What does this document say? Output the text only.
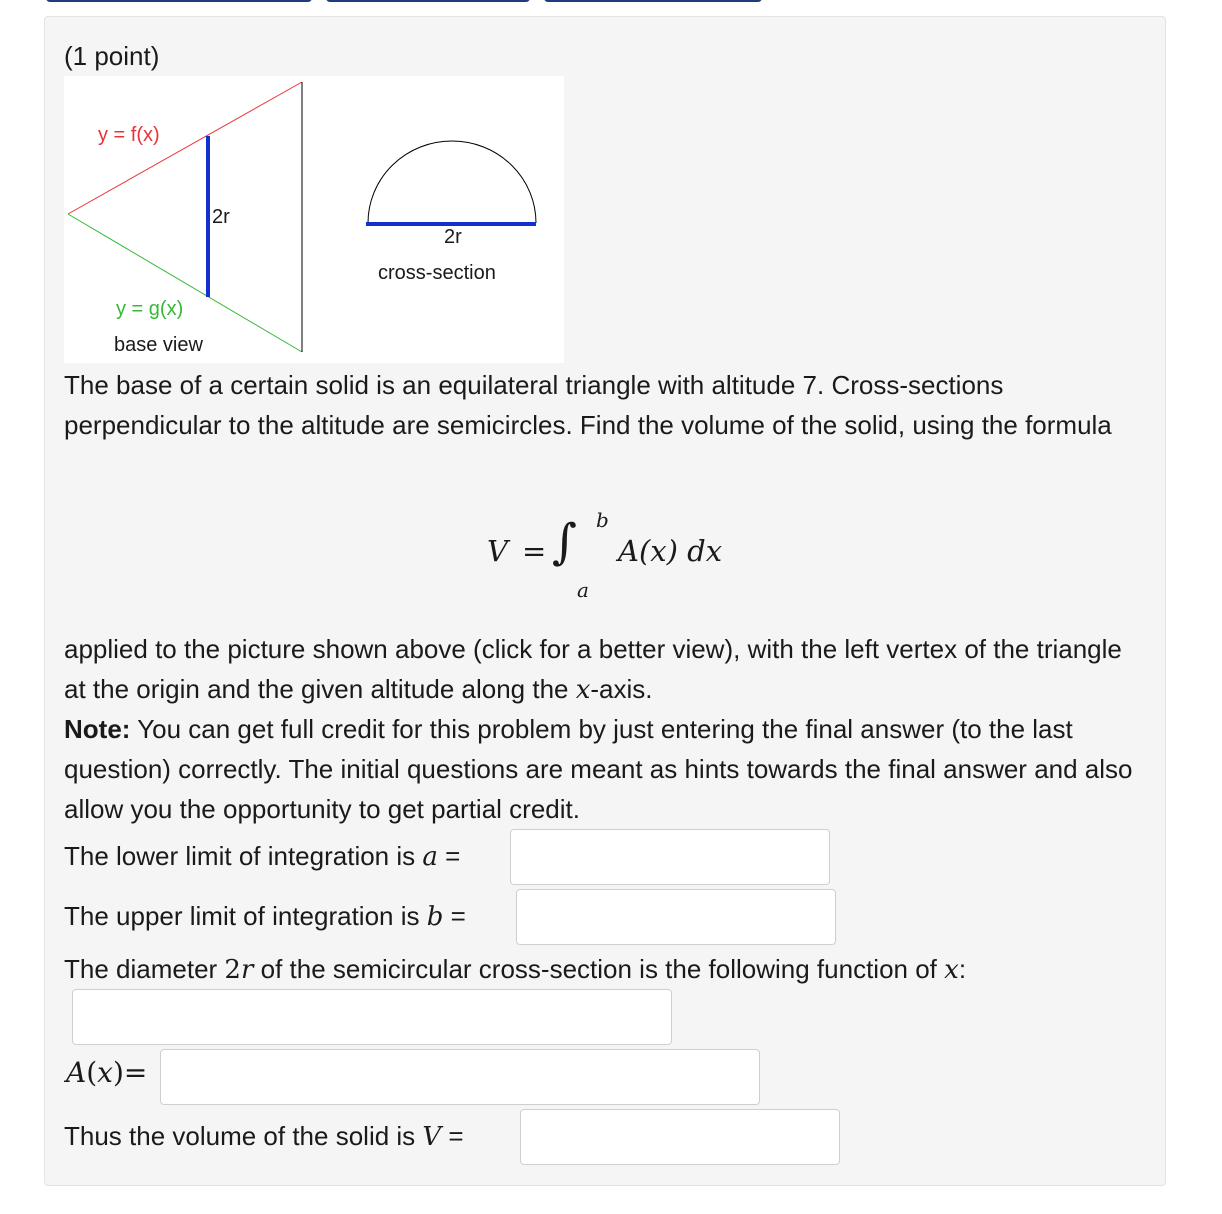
(1 point)
y = f(x)
2r
y = g(x)
base view
2r
cross-section
The base of a certain solid is an equilateral triangle with altitude 7. Cross-sections perpendicular to the altitude are semicircles. Find the volume of the solid, using the formula
V = ∫ b
a
A(x) dx
applied to the picture shown above (click for a better view), with the left vertex of the triangle at the origin and the given altitude along the x-axis.
Note: You can get full credit for this problem by just entering the final answer (to the last question) correctly. The initial questions are meant as hints towards the final answer and also allow you the opportunity to get partial credit.
The lower limit of integration is a =
The upper limit of integration is b =
The diameter 2r of the semicircular cross-section is the following function of x:
A(x)=
Thus the volume of the solid is V =
